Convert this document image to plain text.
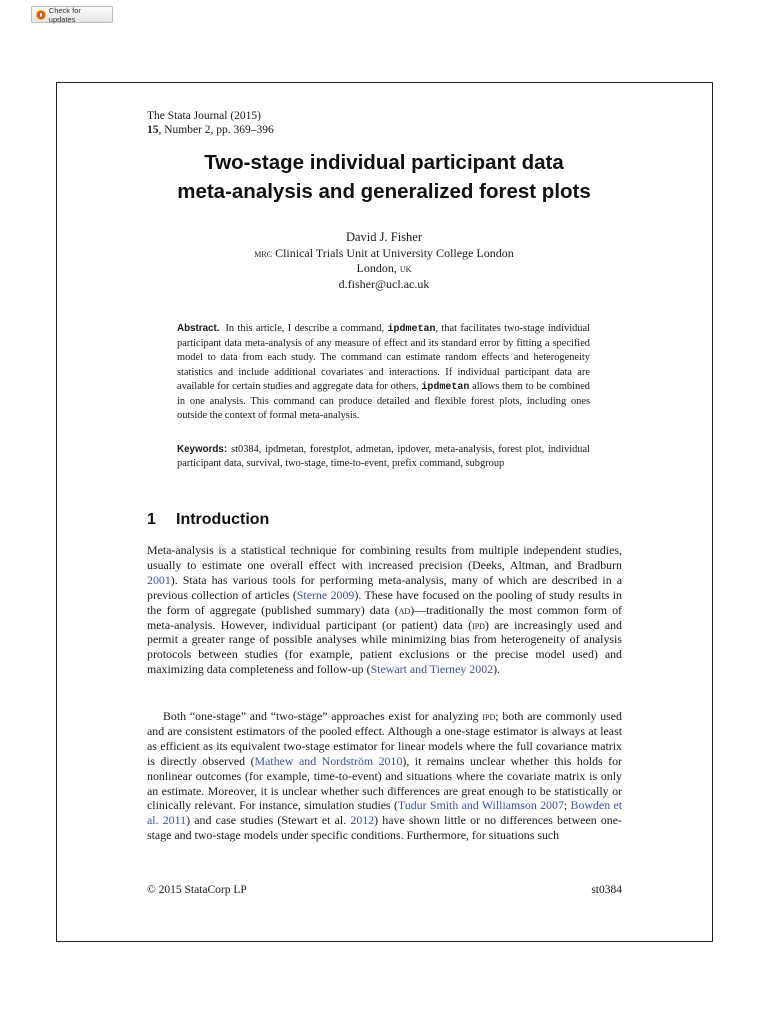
Check for updates
The Stata Journal (2015)
15, Number 2, pp. 369–396
Two-stage individual participant data
meta-analysis and generalized forest plots
David J. Fisher
mrc Clinical Trials Unit at University College London
London, uk
d.fisher@ucl.ac.uk
Abstract. In this article, I describe a command, ipdmetan, that facilitates two-stage individual participant data meta-analysis of any measure of effect and its standard error by fitting a specified model to data from each study. The command can estimate random effects and heterogeneity statistics and include additional covariates and interactions. If individual participant data are available for certain studies and aggregate data for others, ipdmetan allows them to be combined in one analysis. This command can produce detailed and flexible forest plots, including ones outside the context of formal meta-analysis.
Keywords: st0384, ipdmetan, forestplot, admetan, ipdover, meta-analysis, forest plot, individual participant data, survival, two-stage, time-to-event, prefix command, subgroup
1 Introduction

Meta-analysis is a statistical technique for combining results from multiple independent studies, usually to estimate one overall effect with increased precision (Deeks, Altman, and Bradburn 2001). Stata has various tools for performing meta-analysis, many of which are described in a previous collection of articles (Sterne 2009). These have focused on the pooling of study results in the form of aggregate (published summary) data (ad)—traditionally the most common form of meta-analysis. However, individual participant (or patient) data (ipd) are increasingly used and permit a greater range of possible analyses while minimizing bias from heterogeneity of analysis protocols between studies (for example, patient exclusions or the precise model used) and maximizing data completeness and follow-up (Stewart and Tierney 2002).

Both “one-stage” and “two-stage” approaches exist for analyzing ipd; both are commonly used and are consistent estimators of the pooled effect. Although a one-stage estimator is always at least as efficient as its equivalent two-stage estimator for linear models where the full covariance matrix is directly observed (Mathew and Nordström 2010), it remains unclear whether this holds for nonlinear outcomes (for example, time-to-event) and situations where the covariate matrix is only an estimate. Moreover, it is unclear whether such differences are great enough to be statistically or clinically relevant. For instance, simulation studies (Tudur Smith and Williamson 2007; Bowden et al. 2011) and case studies (Stewart et al. 2012) have shown little or no differences between one-stage and two-stage models under specific conditions. Furthermore, for situations such

© 2015 StataCorp LP	st0384
